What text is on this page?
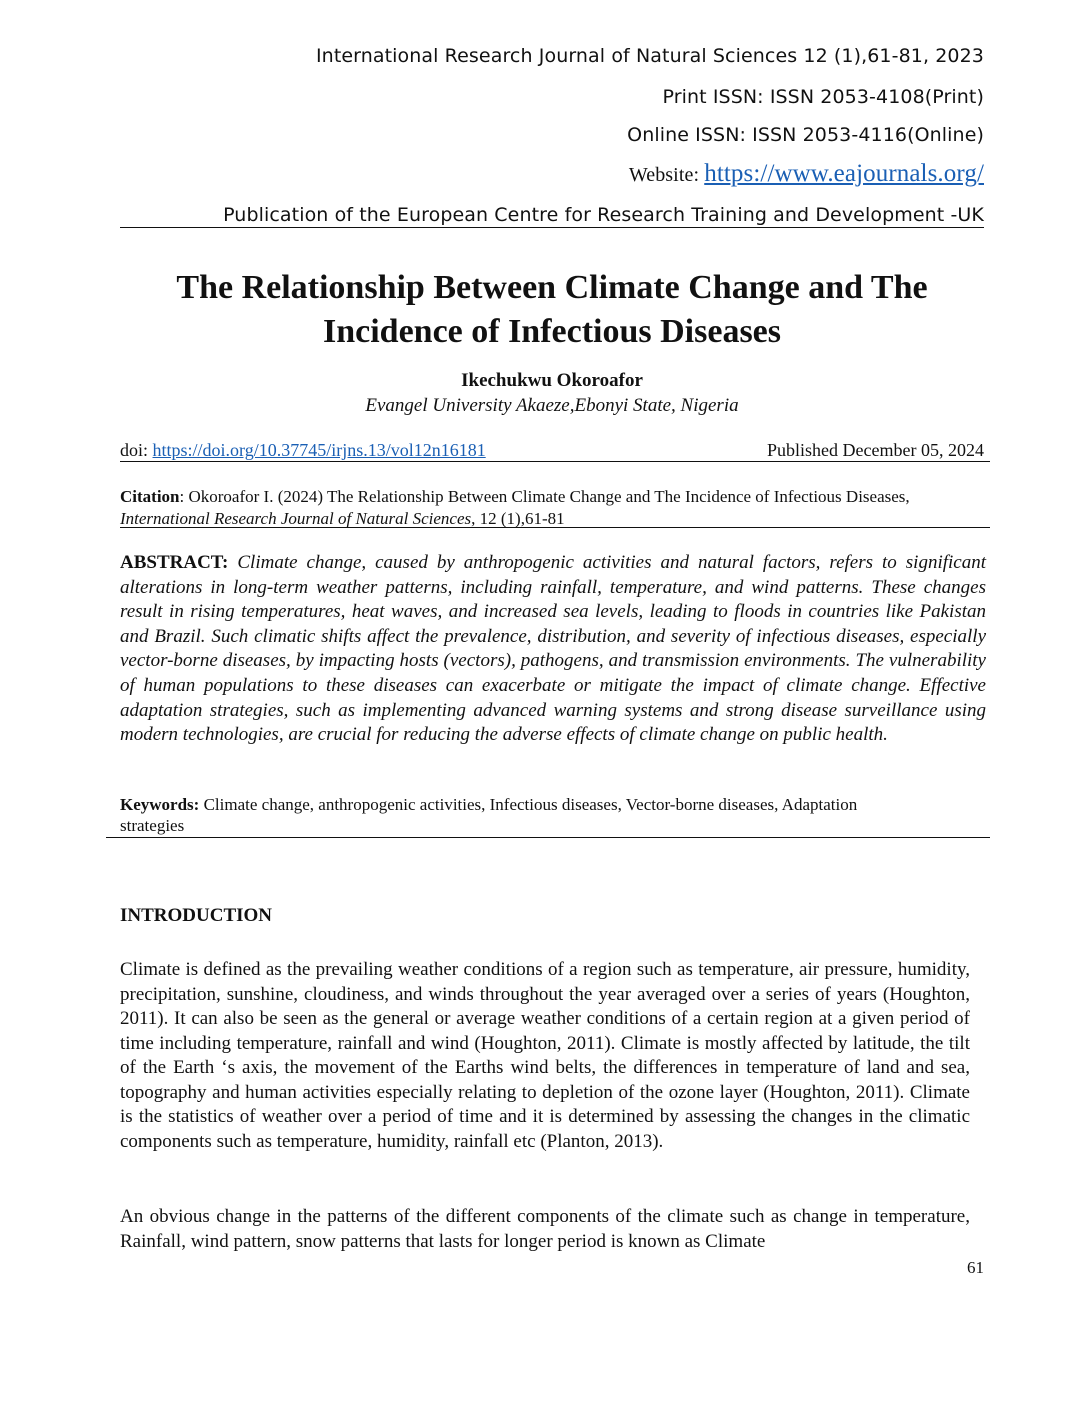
International Research Journal of Natural Sciences 12 (1),61-81, 2023
Print ISSN: ISSN 2053-4108(Print)
Online ISSN: ISSN 2053-4116(Online)
Website: https://www.eajournals.org/
Publication of the European Centre for Research Training and Development -UK
The Relationship Between Climate Change and The
Incidence of Infectious Diseases
Ikechukwu Okoroafor
Evangel University Akaeze,Ebonyi State, Nigeria
doi: https://doi.org/10.37745/irjns.13/vol12n16181	Published December 05, 2024
Citation: Okoroafor I. (2024) The Relationship Between Climate Change and The Incidence of Infectious Diseases,
International Research Journal of Natural Sciences, 12 (1),61-81
ABSTRACT: Climate change, caused by anthropogenic activities and natural factors, refers to significant alterations in long-term weather patterns, including rainfall, temperature, and wind patterns. These changes result in rising temperatures, heat waves, and increased sea levels, leading to floods in countries like Pakistan and Brazil. Such climatic shifts affect the prevalence, distribution, and severity of infectious diseases, especially vector-borne diseases, by impacting hosts (vectors), pathogens, and transmission environments. The vulnerability of human populations to these diseases can exacerbate or mitigate the impact of climate change. Effective adaptation strategies, such as implementing advanced warning systems and strong disease surveillance using modern technologies, are crucial for reducing the adverse effects of climate change on public health.
Keywords: Climate change, anthropogenic activities, Infectious diseases, Vector-borne diseases, Adaptation
strategies
INTRODUCTION
Climate is defined as the prevailing weather conditions of a region such as temperature, air pressure, humidity, precipitation, sunshine, cloudiness, and winds throughout the year averaged over a series of years (Houghton, 2011). It can also be seen as the general or average weather conditions of a certain region at a given period of time including temperature, rainfall and wind (Houghton, 2011). Climate is mostly affected by latitude, the tilt of the Earth ‘s axis, the movement of the Earths wind belts, the differences in temperature of land and sea, topography and human activities especially relating to depletion of the ozone layer (Houghton, 2011). Climate is the statistics of weather over a period of time and it is determined by assessing the changes in the climatic components such as temperature, humidity, rainfall etc (Planton, 2013).
An obvious change in the patterns of the different components of the climate such as change in temperature, Rainfall, wind pattern, snow patterns that lasts for longer period is known as Climate
61
